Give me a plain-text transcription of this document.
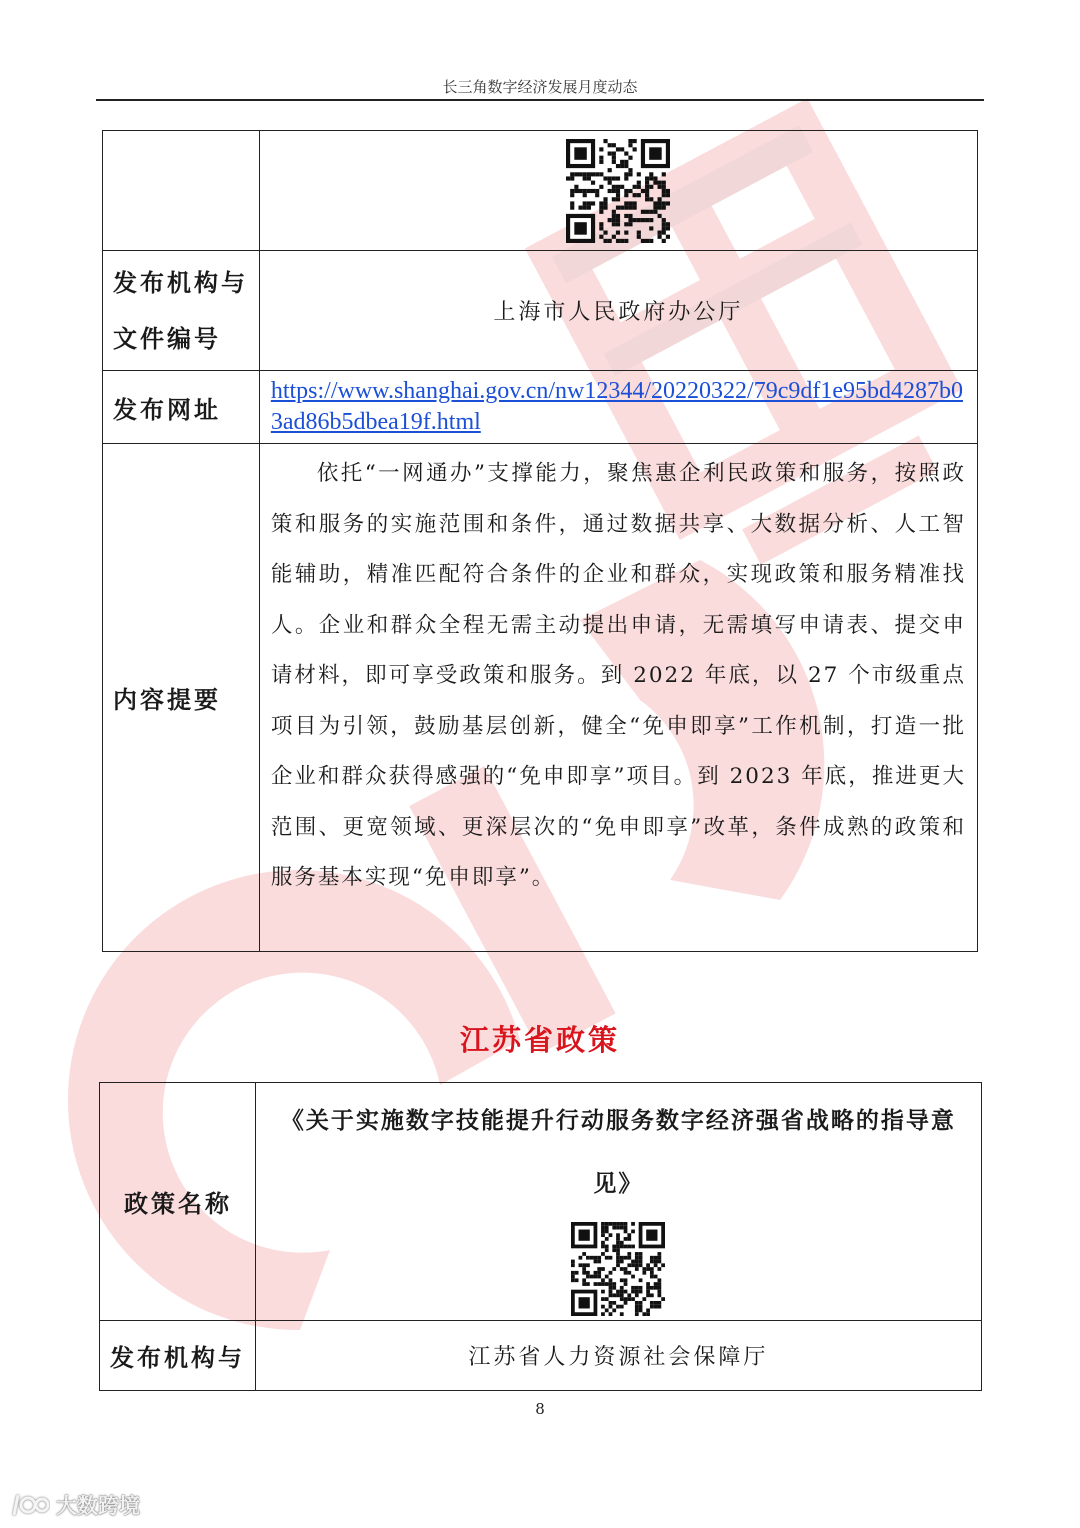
长三角数字经济发展月度动态

发布机构与
文件编号	上海市人民政府办公厅
发布网址	https://www.shanghai.gov.cn/nw12344/20220322/79c9df1e95bd4287b03ad86b5dbea19f.html

内容提要	依托“一网通办”支撑能力，聚焦惠企利民政策和服务，按照政策和服务的实施范围和条件，通过数据共享、大数据分析、人工智能辅助，精准匹配符合条件的企业和群众，实现政策和服务精准找人。企业和群众全程无需主动提出申请，无需填写申请表、提交申请材料，即可享受政策和服务。到 2022 年底，以 27 个市级重点项目为引领，鼓励基层创新，健全“免申即享”工作机制，打造一批企业和群众获得感强的“免申即享”项目。到 2023 年底，推进更大范围、更宽领域、更深层次的“免申即享”改革，条件成熟的政策和服务基本实现“免申即享”。
江苏省政策
政策名称	《关于实施数字技能提升行动服务数字经济强省战略的指导意见》

发布机构与	江苏省人力资源社会保障厅
8
大数跨境
